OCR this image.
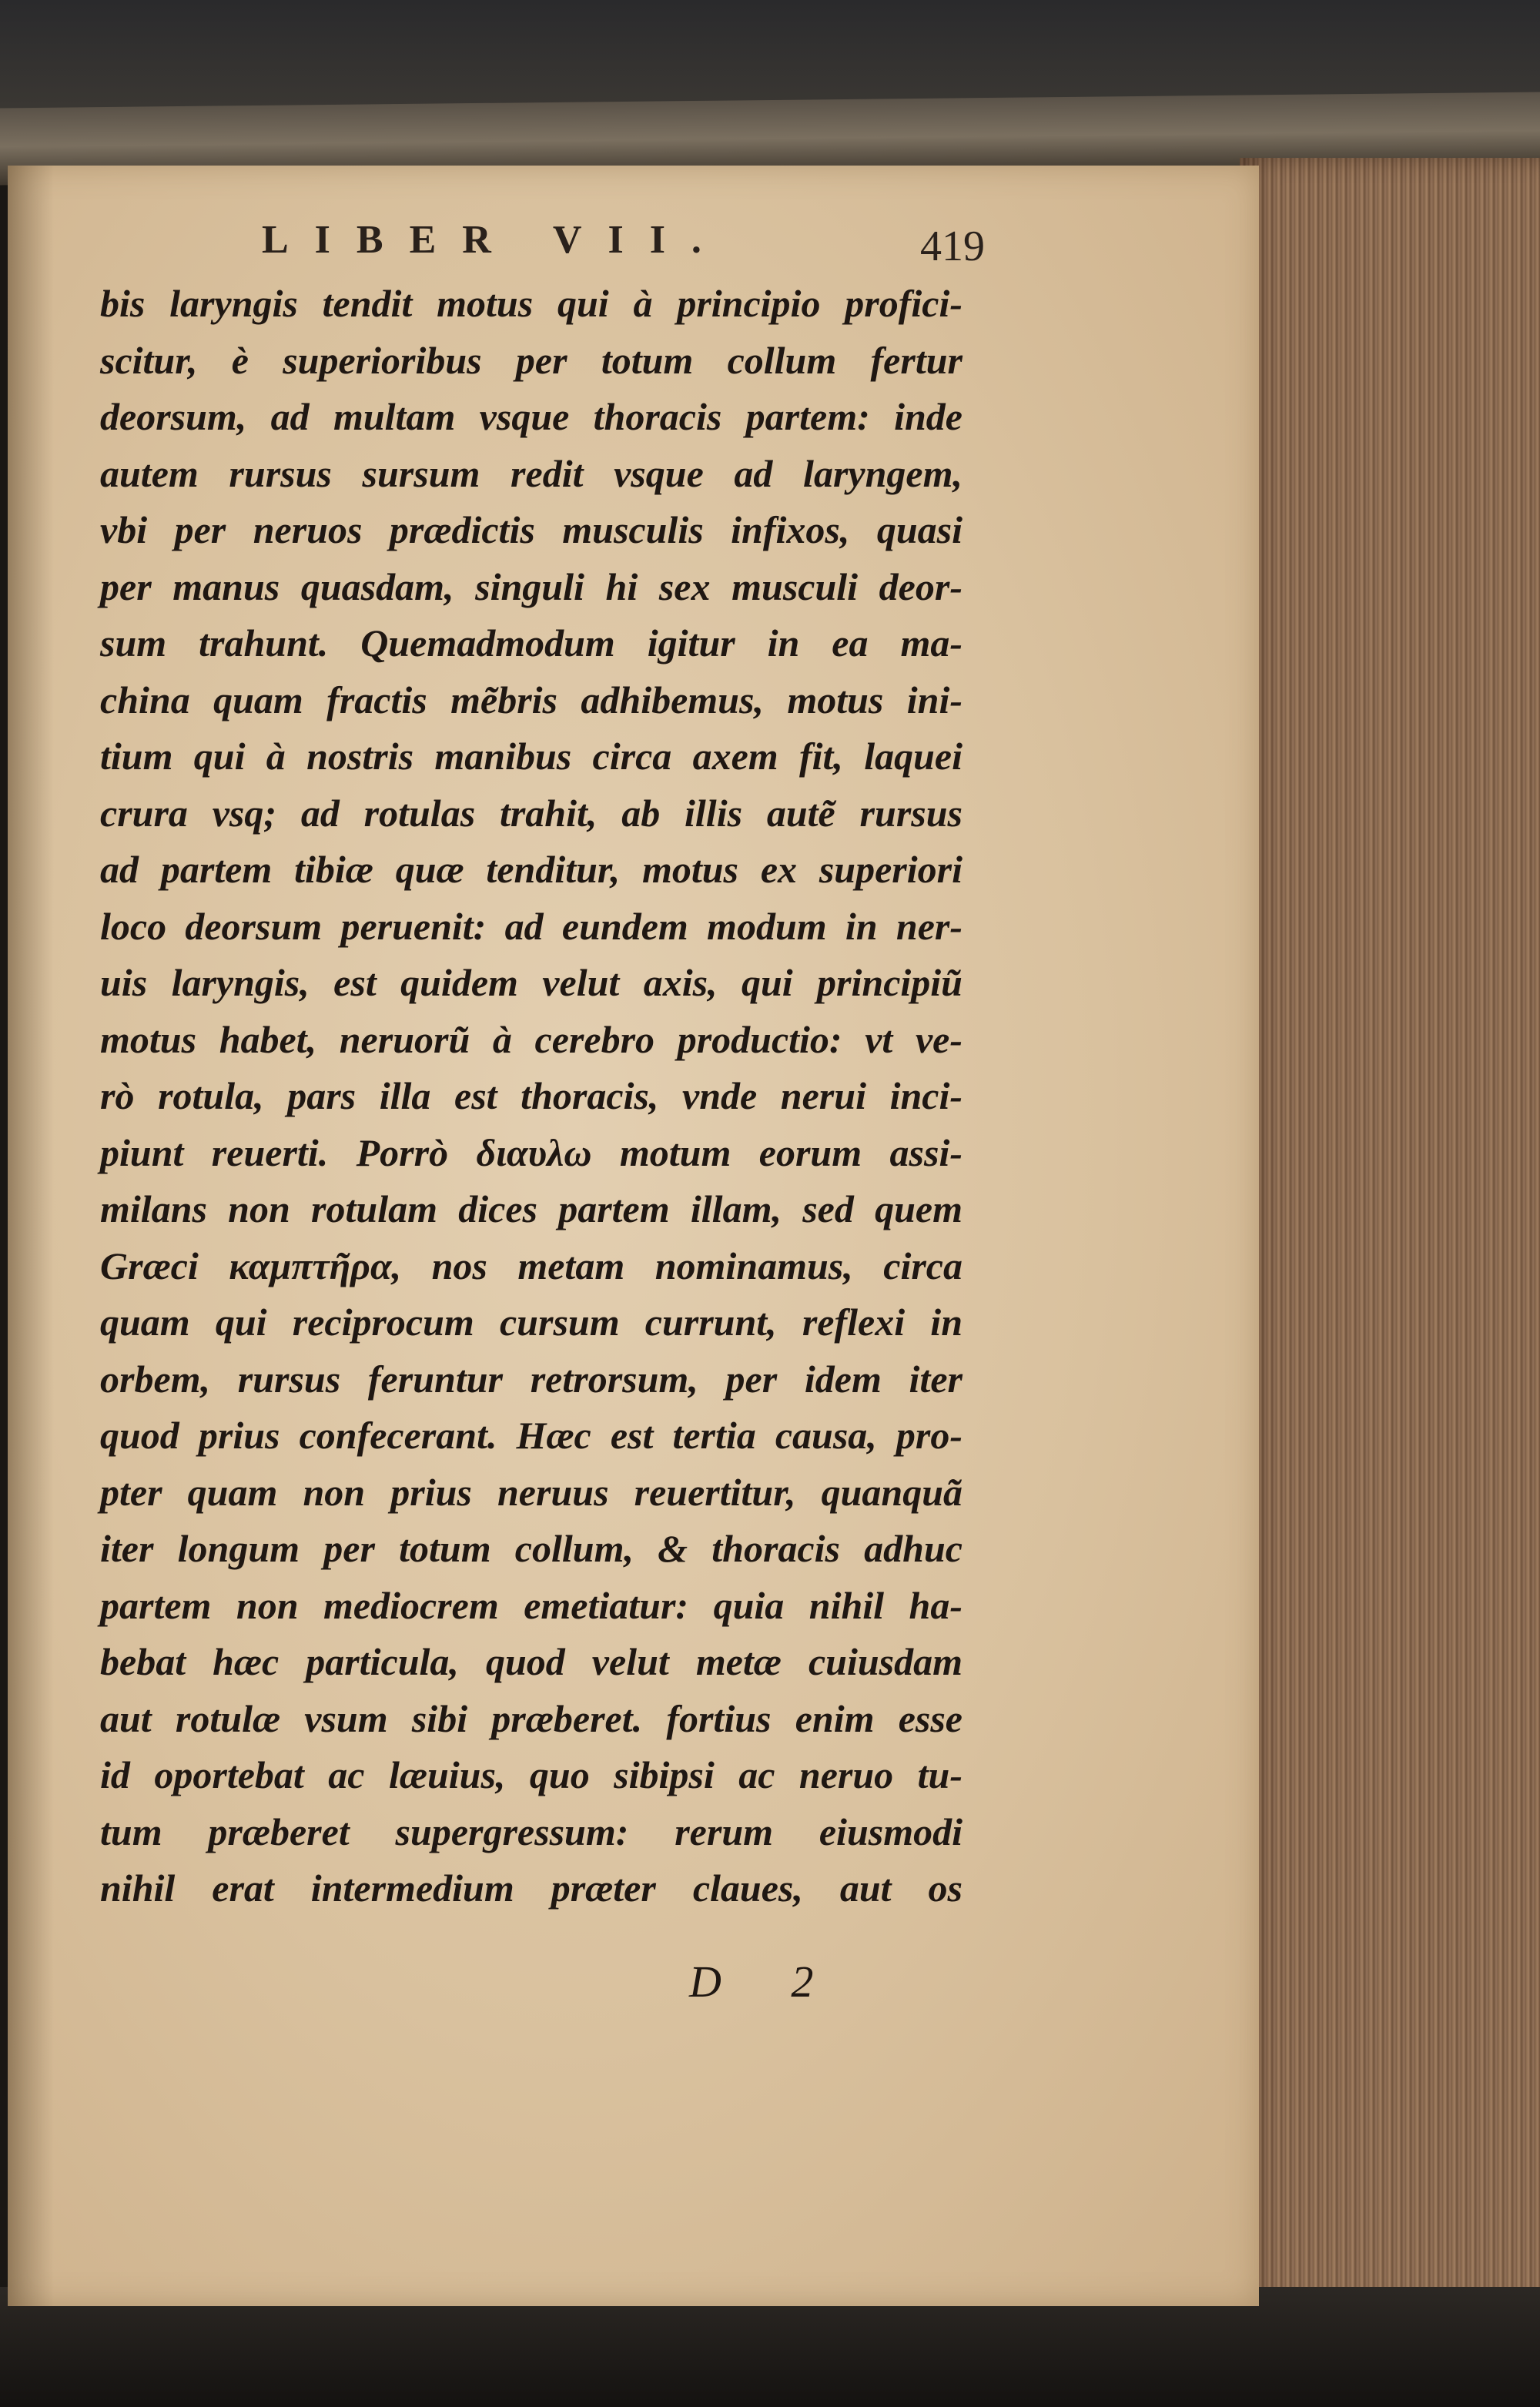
LIBER VII.	419
bis laryngis tendit motus qui à principio profici-
scitur, è superioribus per totum collum fertur
deorsum, ad multam vsque thoracis partem: inde
autem rursus sursum redit vsque ad laryngem,
vbi per neruos prædictis musculis infixos, quasi
per manus quasdam, singuli hi sex musculi deor-
sum trahunt. Quemadmodum igitur in ea ma-
china quam fractis mẽbris adhibemus, motus ini-
tium qui à nostris manibus circa axem fit, laquei
crura vsq; ad rotulas trahit, ab illis autẽ rursus
ad partem tibiæ quæ tenditur, motus ex superiori
loco deorsum peruenit: ad eundem modum in ner-
uis laryngis, est quidem velut axis, qui principiũ
motus habet, neruorũ à cerebro productio: vt ve-
rò rotula, pars illa est thoracis, vnde nerui inci-
piunt reuerti. Porrò διαυλω motum eorum assi-
milans non rotulam dices partem illam, sed quem
Græci καμπτῆρα, nos metam nominamus, circa
quam qui reciprocum cursum currunt, reflexi in
orbem, rursus feruntur retrorsum, per idem iter
quod prius confecerant. Hæc est tertia causa, pro-
pter quam non prius neruus reuertitur, quanquã
iter longum per totum collum, & thoracis adhuc
partem non mediocrem emetiatur: quia nihil ha-
bebat hæc particula, quod velut metæ cuiusdam
aut rotulæ vsum sibi præberet. fortius enim esse
id oportebat ac læuius, quo sibipsi ac neruo tu-
tum præberet supergressum: rerum eiusmodi
nihil erat intermedium præter claues, aut os
D 2
